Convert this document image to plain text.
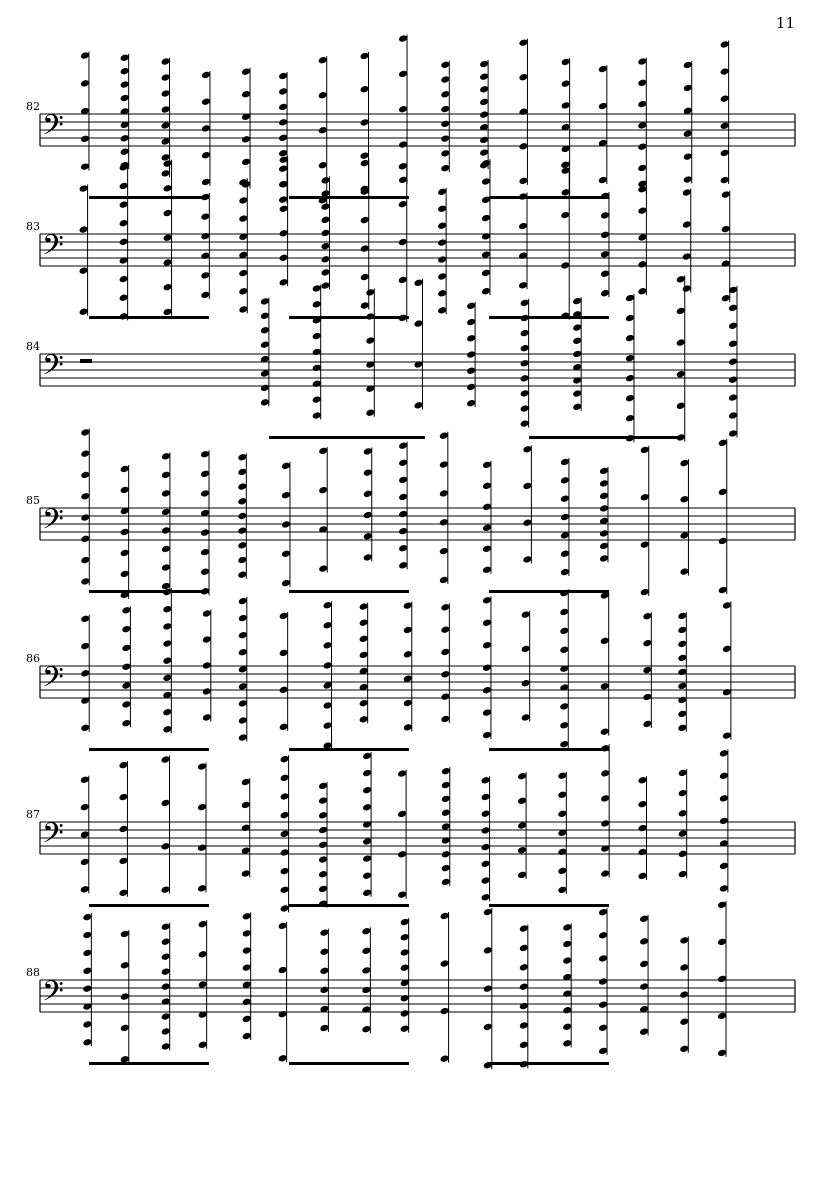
11
𝄢
82
𝄢
83
𝄢
84
𝄢
85
𝄢
86
𝄢
87
𝄢
88
